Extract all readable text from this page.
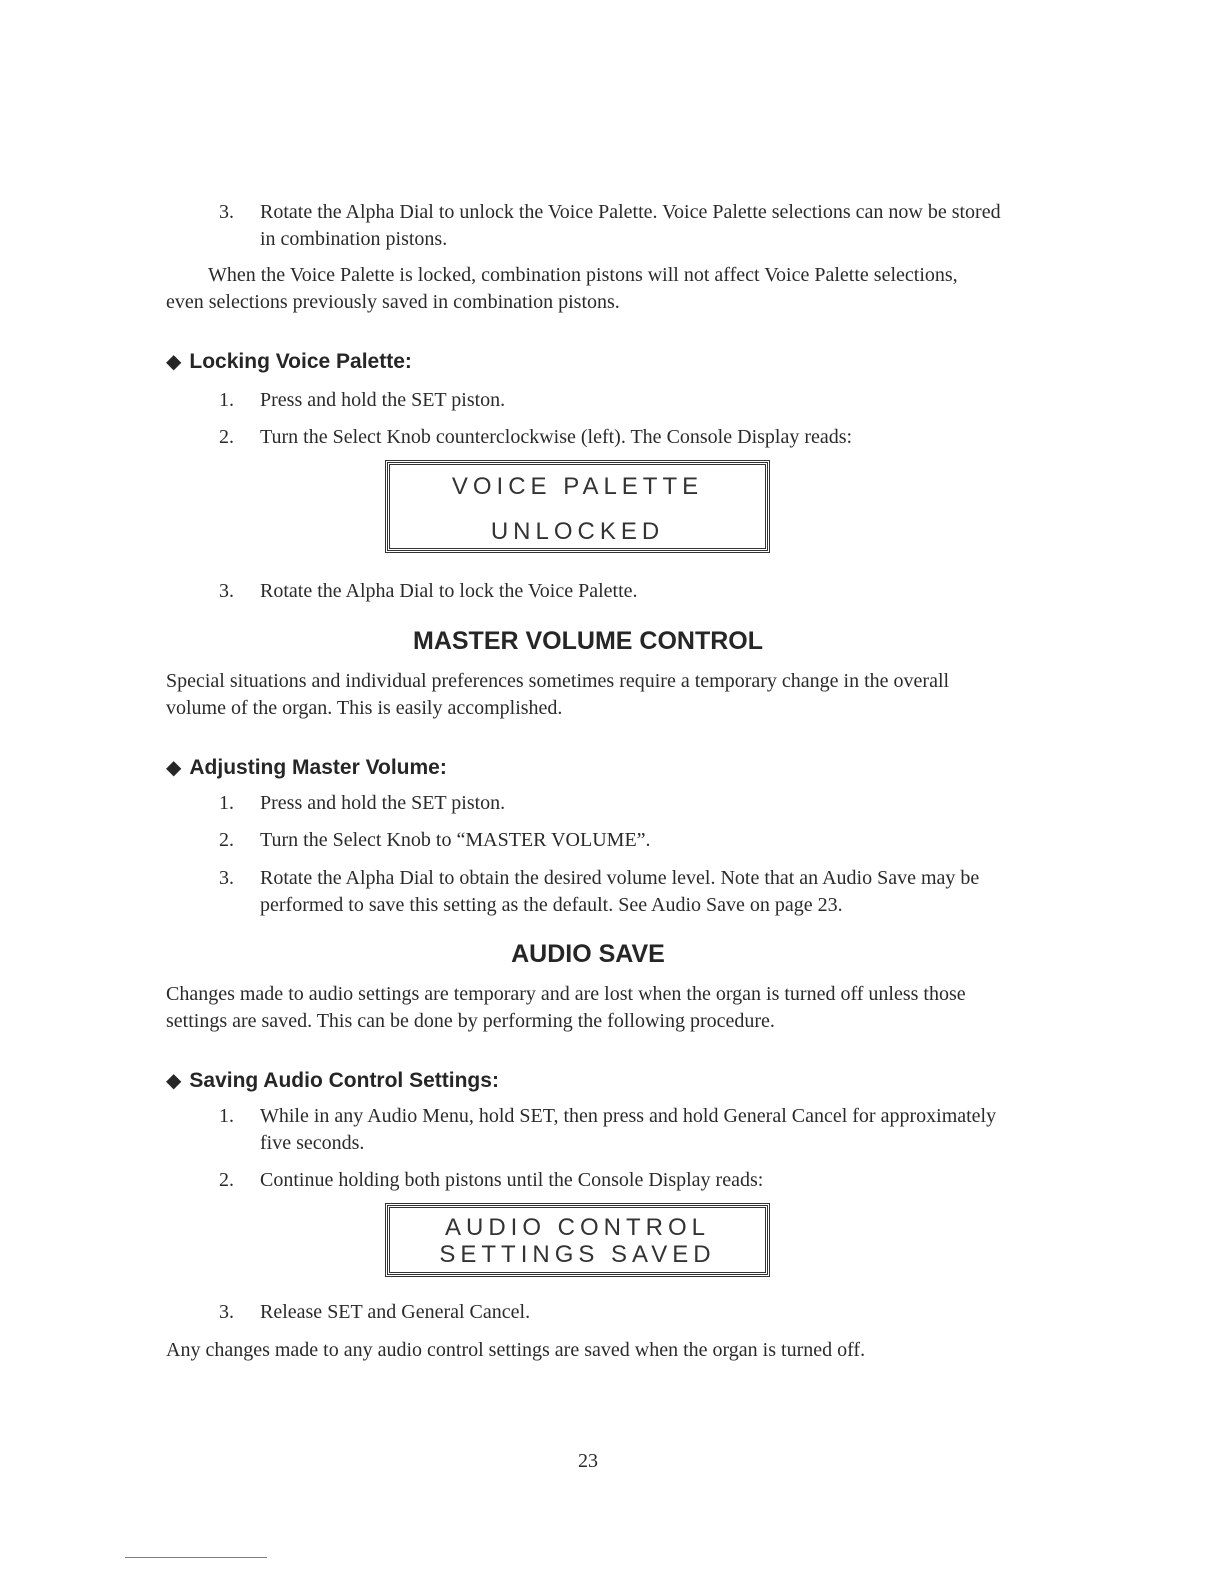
3.	Rotate the Alpha Dial to unlock the Voice Palette. Voice Palette selections can now be stored in combination pistons.

When the Voice Palette is locked, combination pistons will not affect Voice Palette selections, even selections previously saved in combination pistons.

◆ Locking Voice Palette:
1.	Press and hold the SET piston.
2.	Turn the Select Knob counterclockwise (left). The Console Display reads:
VOICE PALETTE
UNLOCKED
3.	Rotate the Alpha Dial to lock the Voice Palette.
MASTER VOLUME CONTROL

Special situations and individual preferences sometimes require a temporary change in the overall volume of the organ. This is easily accomplished.

◆ Adjusting Master Volume:
1.	Press and hold the SET piston.
2.	Turn the Select Knob to “MASTER VOLUME”.
3.	Rotate the Alpha Dial to obtain the desired volume level. Note that an Audio Save may be performed to save this setting as the default. See Audio Save on page 23.
AUDIO SAVE

Changes made to audio settings are temporary and are lost when the organ is turned off unless those settings are saved. This can be done by performing the following procedure.

◆ Saving Audio Control Settings:
1.	While in any Audio Menu, hold SET, then press and hold General Cancel for approximately five seconds.
2.	Continue holding both pistons until the Console Display reads:
AUDIO CONTROL
SETTINGS SAVED
3.	Release SET and General Cancel.

Any changes made to any audio control settings are saved when the organ is turned off.

23
